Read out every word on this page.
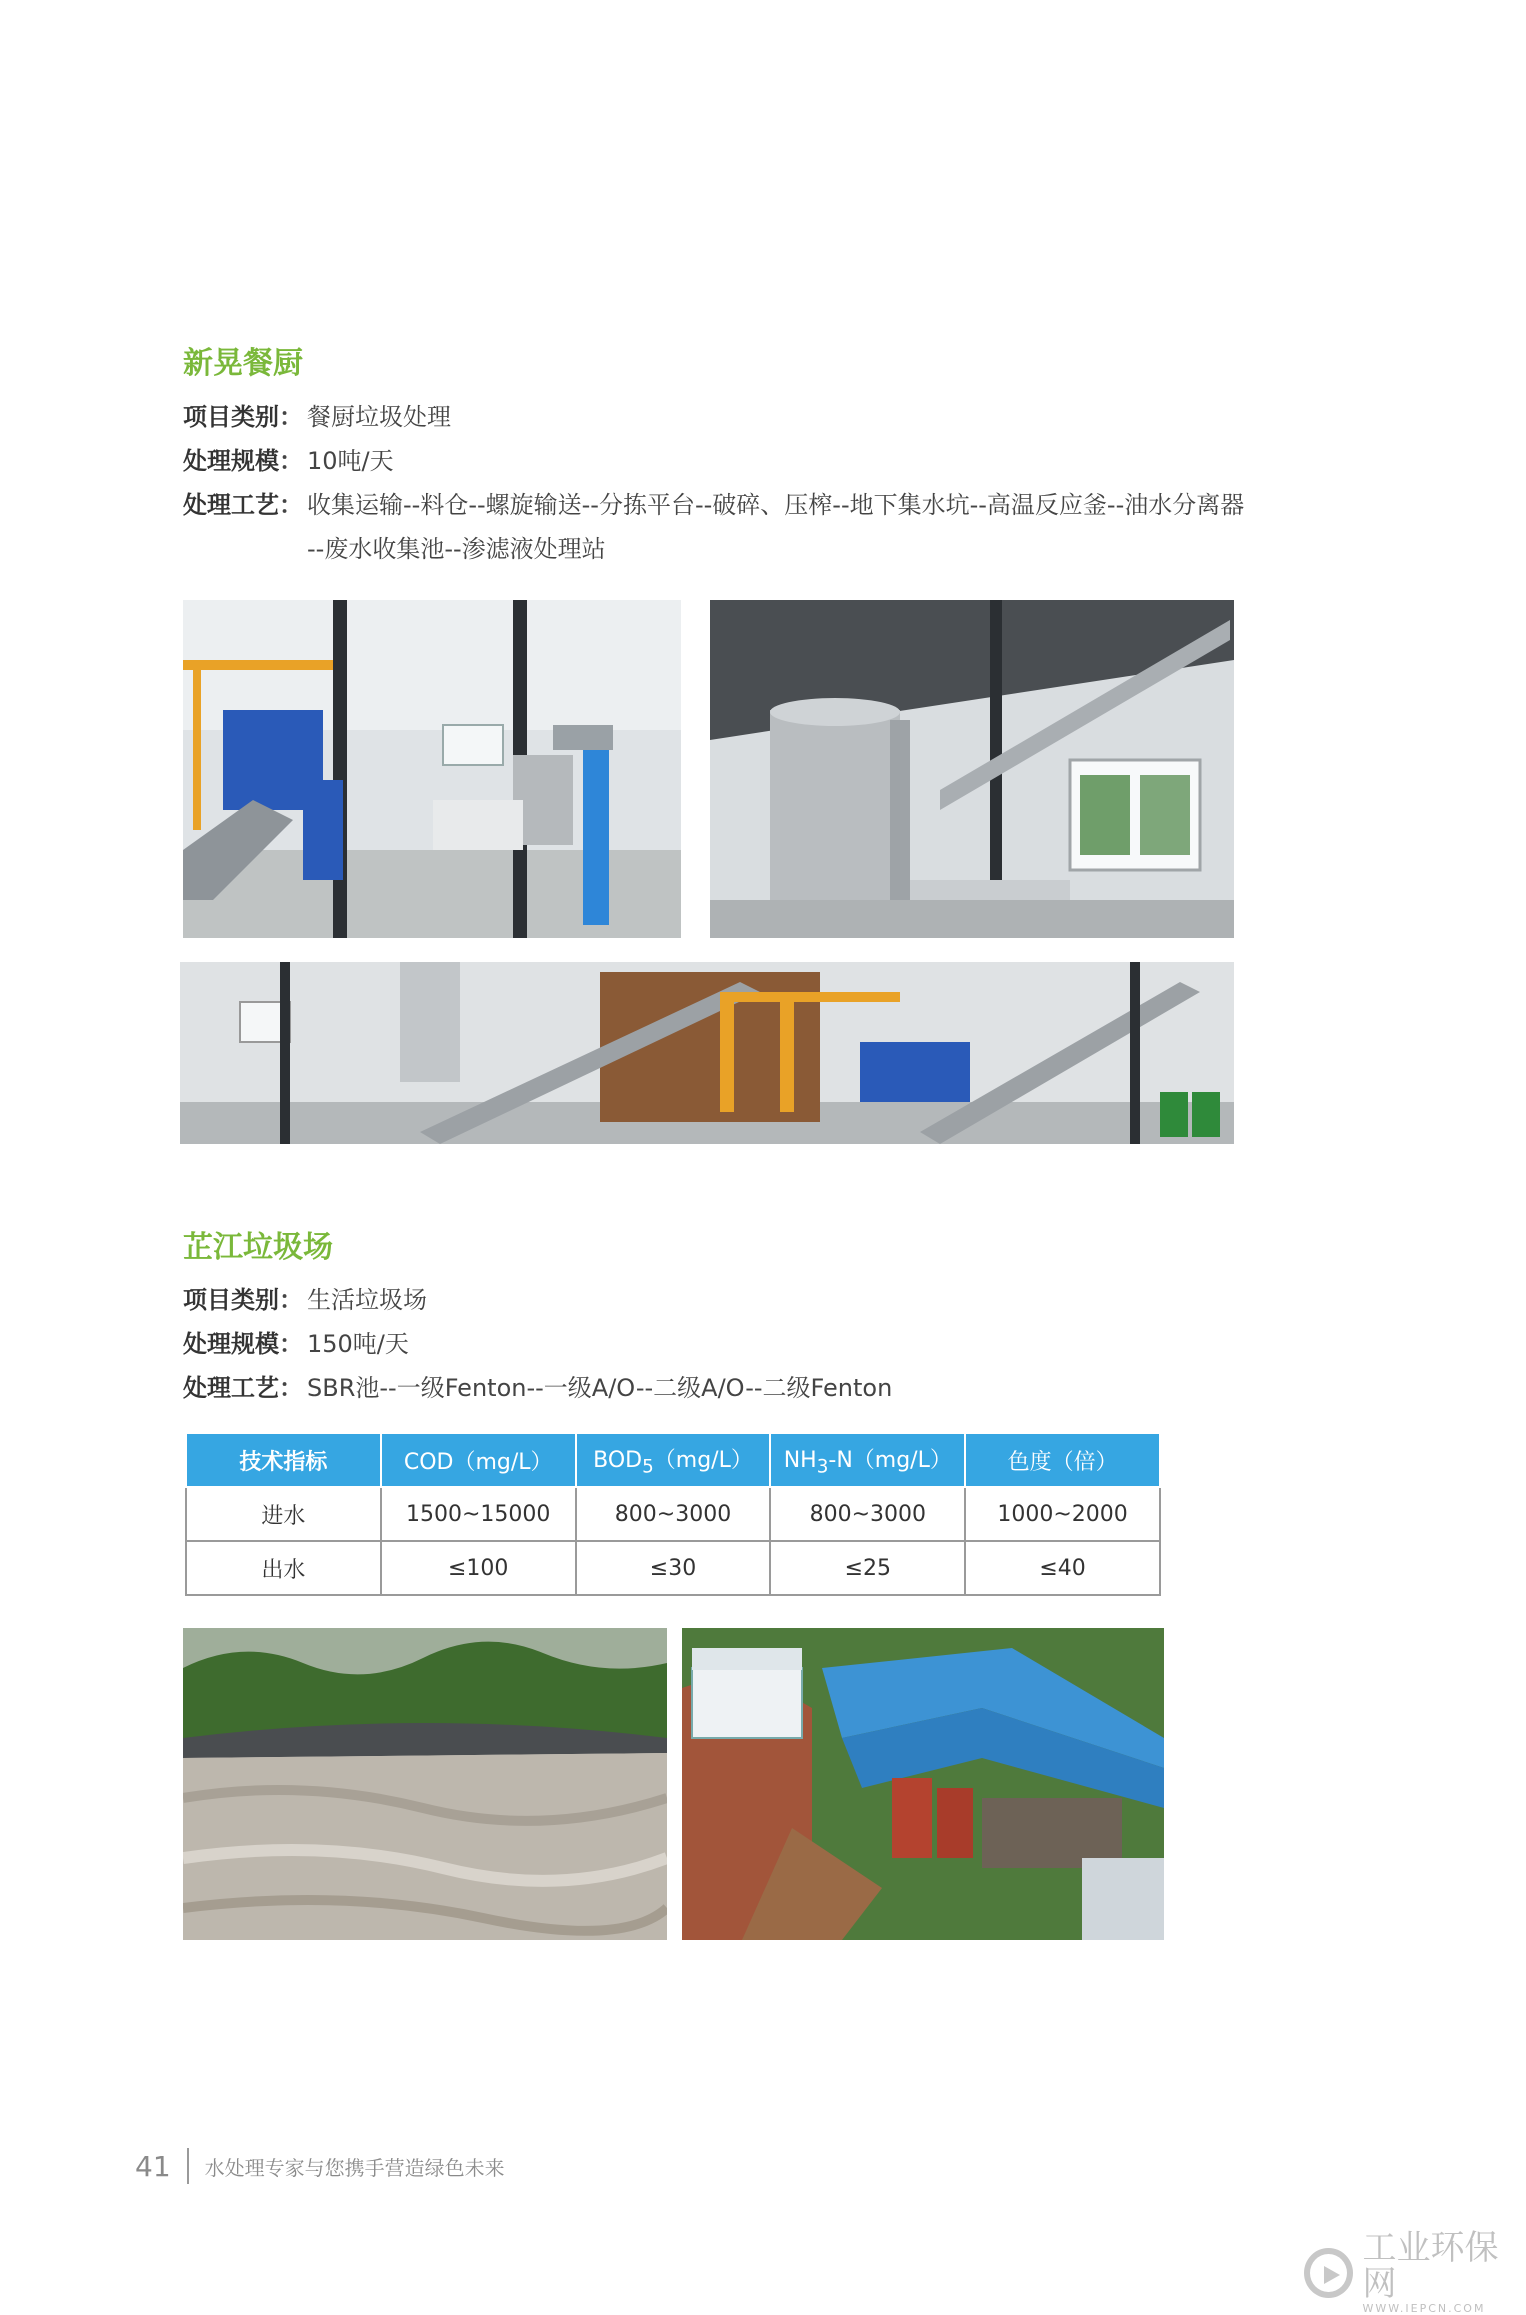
新晃餐厨
项目类别 ： 餐厨垃圾处理
处理规模 ： 10吨/天
处理工艺 ： 收集运输--料仓--螺旋输送--分拣平台--破碎、压榨--地下集水坑--高温反应釜--油水分离器
--废水收集池--渗滤液处理站
芷江垃圾场
项目类别 ： 生活垃圾场
处理规模 ： 150吨/天
处理工艺 ： SBR池--一级Fenton--一级A/O--二级A/O--二级Fenton
技术指标	COD（mg/L）	$BOD_5(mg/L)$	$NH_3-N(mg/L)$	色度（倍）
进水	1500~15000	800~3000	800~3000	1000~2000
出水	≤100	≤30	≤25	≤40
41 水处理专家与您携手营造绿色未来
工业环保网
WWW.IEPCN.COM
